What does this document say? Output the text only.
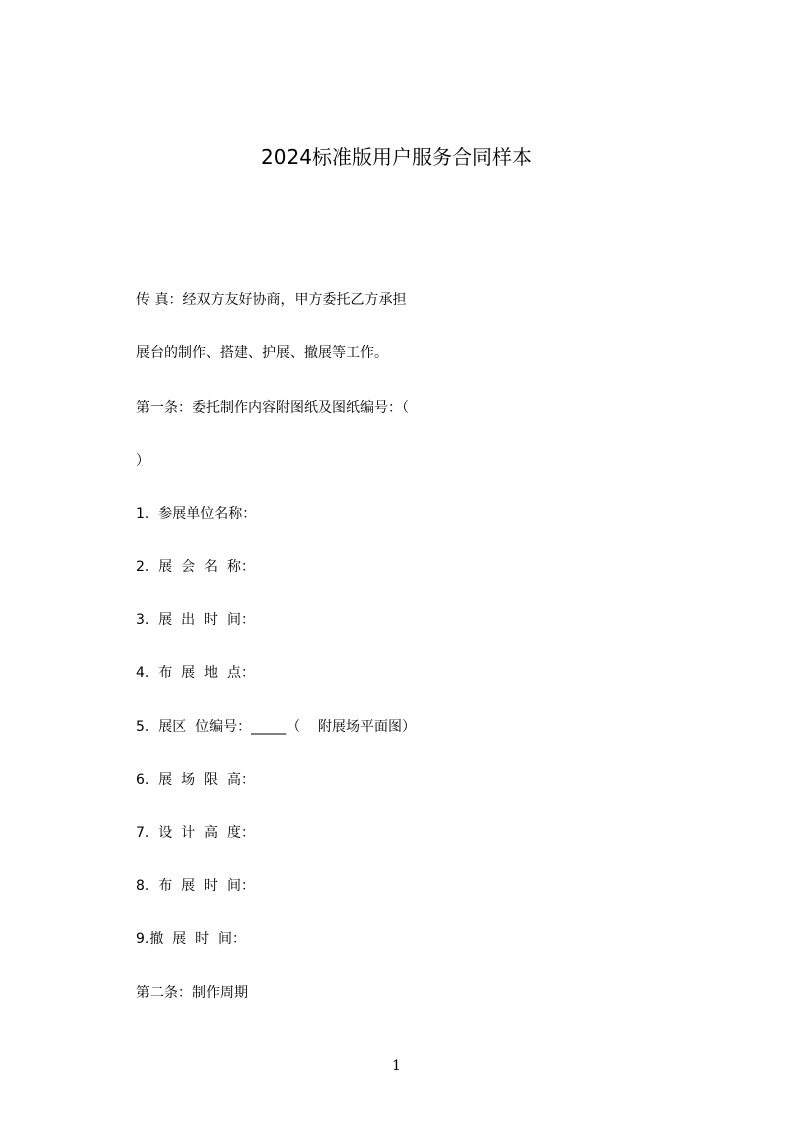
2024标准版用户服务合同样本

传 真：经双方友好协商，甲方委托乙方承担

展台的制作、搭建、护展、撤展等工作。

第一条：委托制作内容附图纸及图纸编号：（

）

1.  参展单位名称：

2.  展  会  名  称：

3.  展  出  时  间：

4.  布  展  地  点：

5.  展区  位编号：_____（    附展场平面图）

6.  展  场  限  高：

7.  设  计  高  度：

8.  布  展  时  间：

9.撤  展  时  间：

第二条：制作周期

1
